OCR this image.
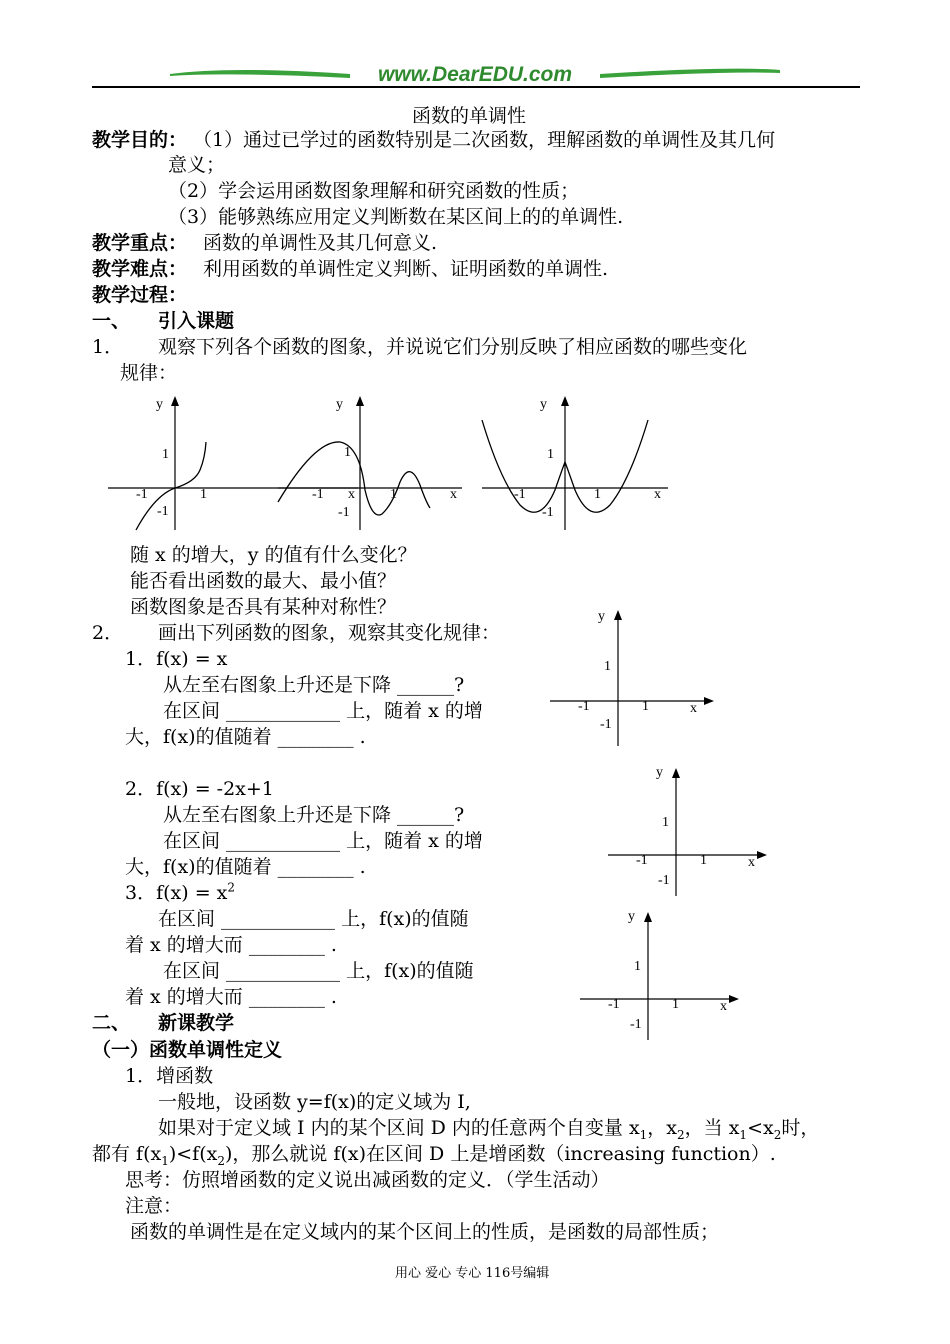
www.DearEDU.com
函数的单调性
教学目的： （1）通过已学过的函数特别是二次函数，理解函数的单调性及其几何
意义；
（2）学会运用函数图象理解和研究函数的性质；
（3）能够熟练应用定义判断数在某区间上的的单调性.
教学重点： 函数的单调性及其几何意义.
教学难点： 利用函数的单调性定义判断、证明函数的单调性.
教学过程：
一、 引入课题
1． 观察下列各个函数的图象，并说说它们分别反映了相应函数的哪些变化
规律：
y
x
1
1
-1
-1
y
x
1
1
-1
-1
y
x
1
1
-1
-1
随 x 的增大，y 的值有什么变化？
能否看出函数的最大、最小值？
函数图象是否具有某种对称性？
2． 画出下列函数的图象，观察其变化规律：
y
x
1
1
-1
-1
1．f(x) = x
从左至右图象上升还是下降 ______?
在区间 ____________ 上，随着 x 的增
大，f(x)的值随着 ________ .
y
x
1
1
-1
-1
2．f(x) = -2x+1
从左至右图象上升还是下降 ______?
在区间 ____________ 上，随着 x 的增
大，f(x)的值随着 ________ .
y
x
1
1
-1
-1
3．$f(x) = x^2$
在区间 ____________ 上，f(x)的值随
着 x 的增大而 ________ .
在区间 ____________ 上，f(x)的值随
着 x 的增大而 ________ .
二、 新课教学
（一）函数单调性定义
1．增函数
一般地，设函数 y=f(x)的定义域为 I,
如果对于定义域 I 内的某个区间 D 内的任意两个自变量 $x_1$，$x_2$，当 $x_1<x_2$时，
都有 $f(x_1)<f(x_2)$，那么就说 f(x)在区间 D 上是增函数（increasing function）.
思考：仿照增函数的定义说出减函数的定义．（学生活动）
注意：
函数的单调性是在定义域内的某个区间上的性质，是函数的局部性质；
用心 爱心 专心 116号编辑
